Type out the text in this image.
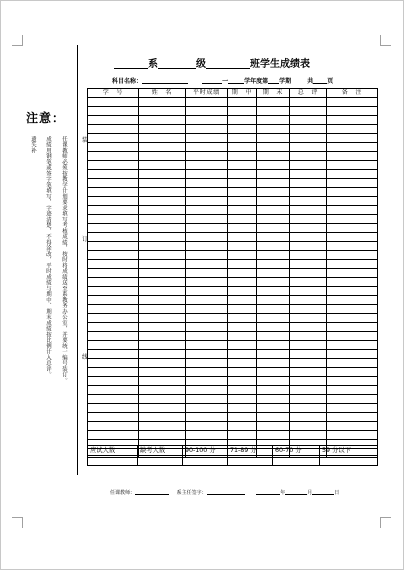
装
订
线
注意：
任课教师必须按教学计划要求填写考核成绩，按时将成绩送至系教务办公室，并要统一编号装订。
成绩用钢笔或签字笔填写，字迹清楚，不得涂改，平时成绩与期中、期末成绩按比例计入总评。
遗失补
系	级	班学生成绩表
科目名称：	一	学年度第 学期	共 页
学　号	姓　名	平时成绩	期　中	期　末	总　评	备　注

应试人数	缺考人数	90-100 分	71-89 分	60-70 分	59 分以下

任课教师：	系主任签字：	年	月	日
